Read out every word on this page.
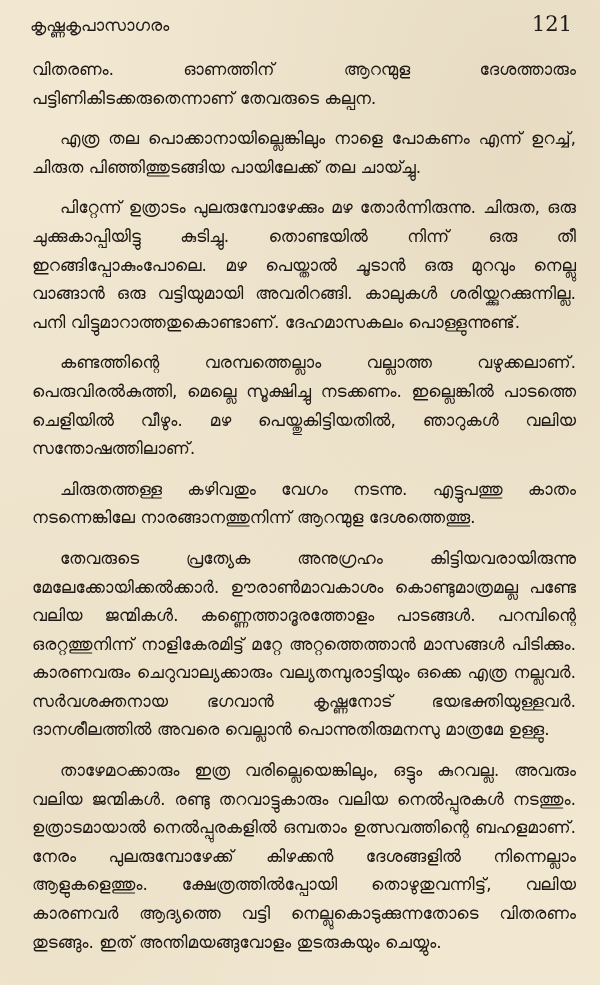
കൃഷ്ണകൃപാസാഗരം	121

വിതരണം. ഓണത്തിന് ആറന്മുള ദേശത്താരും പട്ടിണികിടക്കരുതെന്നാണ് തേവരുടെ കല്പന.

എത്ര തല പൊക്കാനായില്ലെങ്കിലും നാളെ പോകണം എന്ന് ഉറച്ച്, ചിരുത പിഞ്ഞിത്തുടങ്ങിയ പായിലേക്ക് തല ചായ്ച്ചു.

പിറ്റേന്ന് ഉത്രാടം പുലരുമ്പോഴേക്കും മഴ തോർന്നിരുന്നു. ചിരുത, ഒരു ചുക്കുകാപ്പിയിട്ടു കുടിച്ചു. തൊണ്ടയിൽ നിന്ന് ഒരു തീ ഇറങ്ങിപ്പോകുംപോലെ. മഴ പെയ്താൽ ചൂടാൻ ഒരു മുറവും നെല്ലു വാങ്ങാൻ ഒരു വട്ടിയുമായി അവരിറങ്ങി. കാലുകൾ ശരിയ്ക്കുറക്കുന്നില്ല. പനി വിട്ടുമാറാത്തതുകൊണ്ടാണ്. ദേഹമാസകലം പൊള്ളുന്നുണ്ട്.

കണ്ടത്തിന്റെ വരമ്പത്തെല്ലാം വല്ലാത്ത വഴുക്കലാണ്. പെരുവിരൽകുത്തി, മെല്ലെ സൂക്ഷിച്ചു നടക്കണം. ഇല്ലെങ്കിൽ പാടത്തെ ചെളിയിൽ വീഴും. മഴ പെയ്തുകിട്ടിയതിൽ, ഞാറുകൾ വലിയ സന്തോഷത്തിലാണ്.

ചിരുതത്തള്ള കഴിവതും വേഗം നടന്നു. എട്ടുപത്തു കാതം നടന്നെങ്കിലേ നാരങ്ങാനത്തുനിന്ന് ആറന്മുള ദേശത്തെത്തൂ.

തേവരുടെ പ്രത്യേക അനുഗ്രഹം കിട്ടിയവരായിരുന്നു മേലേക്കോയിക്കൽക്കാർ. ഊരാൺമാവകാശം കൊണ്ടുമാത്രമല്ല പണ്ടേ വലിയ ജന്മികൾ. കണ്ണെത്താദൂരത്തോളം പാടങ്ങൾ. പറമ്പിന്റെ ഒരറ്റത്തുനിന്ന് നാളികേരമിട്ട് മറ്റേ അറ്റത്തെത്താൻ മാസങ്ങൾ പിടിക്കും. കാരണവരും ചെറുവാല്യക്കാരും വല്യതമ്പുരാട്ടിയും ഒക്കെ എത്ര നല്ലവർ. സർവശക്തനായ ഭഗവാൻ കൃഷ്ണനോട് ഭയഭക്തിയുള്ളവർ. ദാനശീലത്തിൽ അവരെ വെല്ലാൻ പൊന്നുതിരുമനസു മാത്രമേ ഉള്ളു.

താഴേമഠക്കാരും ഇത്ര വരില്ലെയെങ്കിലും, ഒട്ടും കുറവല്ല. അവരും വലിയ ജന്മികൾ. രണ്ടു തറവാട്ടുകാരും വലിയ നെൽപ്പുരകൾ നടത്തും. ഉത്രാടമായാൽ നെൽപ്പുരകളിൽ ഒമ്പതാം ഉത്സവത്തിന്റെ ബഹളമാണ്. നേരം പുലരുമ്പോഴേക്ക് കിഴക്കൻ ദേശങ്ങളിൽ നിന്നെല്ലാം ആളുകളെത്തും. ക്ഷേത്രത്തിൽപ്പോയി തൊഴുതുവന്നിട്ട്, വലിയ കാരണവർ ആദ്യത്തെ വട്ടി നെല്ലുകൊടുക്കുന്നതോടെ വിതരണം തുടങ്ങും. ഇത് അന്തിമയങ്ങുവോളം തുടരുകയും ചെയ്യും.
